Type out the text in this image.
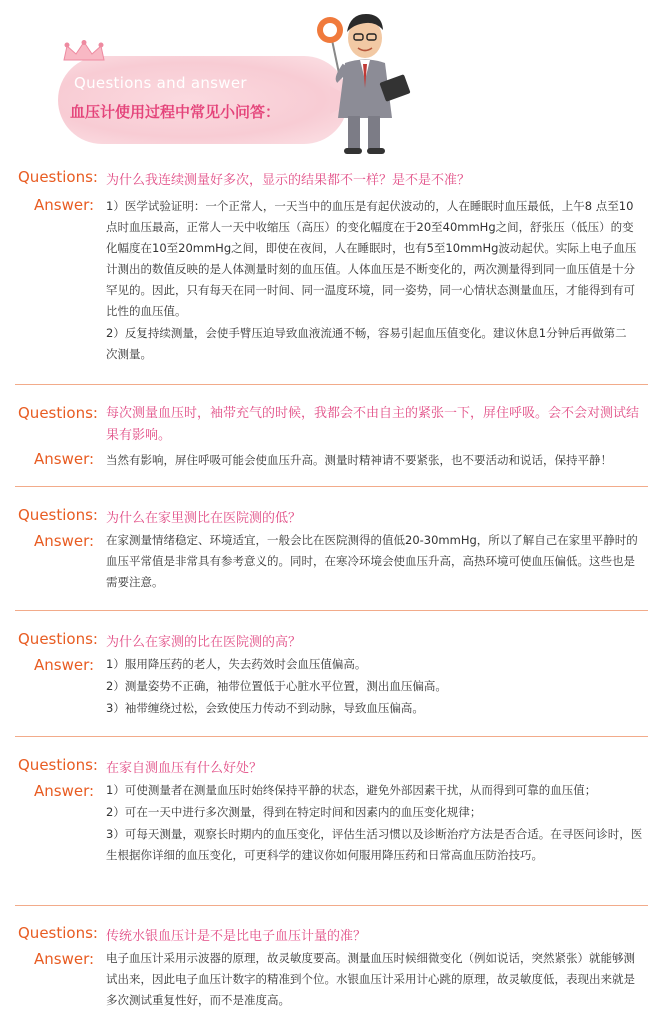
Questions and answer
血压计使用过程中常见小问答：
Questions: 为什么我连续测量好多次，显示的结果都不一样？是不是不准？
Answer: 1）医学试验证明：一个正常人，一天当中的血压是有起伏波动的，人在睡眠时血压最低，上午8 点至10 点时血压最高，正常人一天中收缩压（高压）的变化幅度在于20至40mmHg之间，舒张压（低压）的变化幅度在10至20mmHg之间，即使在夜间，人在睡眠时，也有5至10mmHg波动起伏。实际上电子血压计测出的数值反映的是人体测量时刻的血压值。人体血压是不断变化的，两次测量得到同一血压值是十分罕见的。因此，只有每天在同一时间、同一温度环境，同一姿势，同一心情状态测量血压，才能得到有可比性的血压值。
2）反复持续测量，会使手臂压迫导致血液流通不畅，容易引起血压值变化。建议休息1分钟后再做第二次测量。
Questions: 每次测量血压时，袖带充气的时候，我都会不由自主的紧张一下，屏住呼吸。会不会对测试结果有影响。
Answer: 当然有影响，屏住呼吸可能会使血压升高。测量时精神请不要紧张，也不要活动和说话，保持平静！
Questions: 为什么在家里测比在医院测的低？
Answer: 在家测量情绪稳定、环境适宜，一般会比在医院测得的值低20-30mmHg，所以了解自己在家里平静时的血压平常值是非常具有参考意义的。同时，在寒冷环境会使血压升高，高热环境可使血压偏低。这些也是需要注意。
Questions: 为什么在家测的比在医院测的高？
Answer: 1）服用降压药的老人，失去药效时会血压值偏高。
2）测量姿势不正确，袖带位置低于心脏水平位置，测出血压偏高。
3）袖带缠绕过松，会致使压力传动不到动脉，导致血压偏高。
Questions: 在家自测血压有什么好处？
Answer: 1）可使测量者在测量血压时始终保持平静的状态，避免外部因素干扰，从而得到可靠的血压值；
2）可在一天中进行多次测量，得到在特定时间和因素内的血压变化规律；
3）可每天测量，观察长时期内的血压变化，评估生活习惯以及诊断治疗方法是否合适。在寻医问诊时，医生根据你详细的血压变化，可更科学的建议你如何服用降压药和日常高血压防治技巧。
Questions: 传统水银血压计是不是比电子血压计量的准？
Answer: 电子血压计采用示波器的原理，故灵敏度要高。测量血压时候细微变化（例如说话，突然紧张）就能够测试出来，因此电子血压计数字的精准到个位。水银血压计采用计心跳的原理，故灵敏度低，表现出来就是多次测试重复性好，而不是准度高。
